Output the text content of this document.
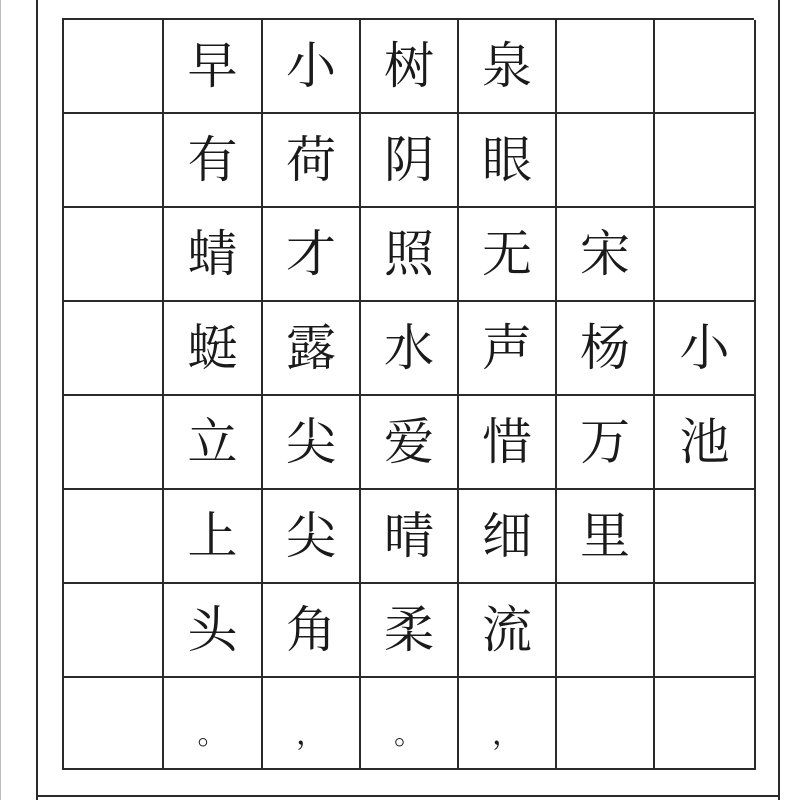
早 小 树 泉
有 荷 阴 眼
蜻 才 照 无 宋
蜓 露 水 声 杨 小
立 尖 爱 惜 万 池
上 尖 晴 细 里
头 角 柔 流
。	，	。	，
